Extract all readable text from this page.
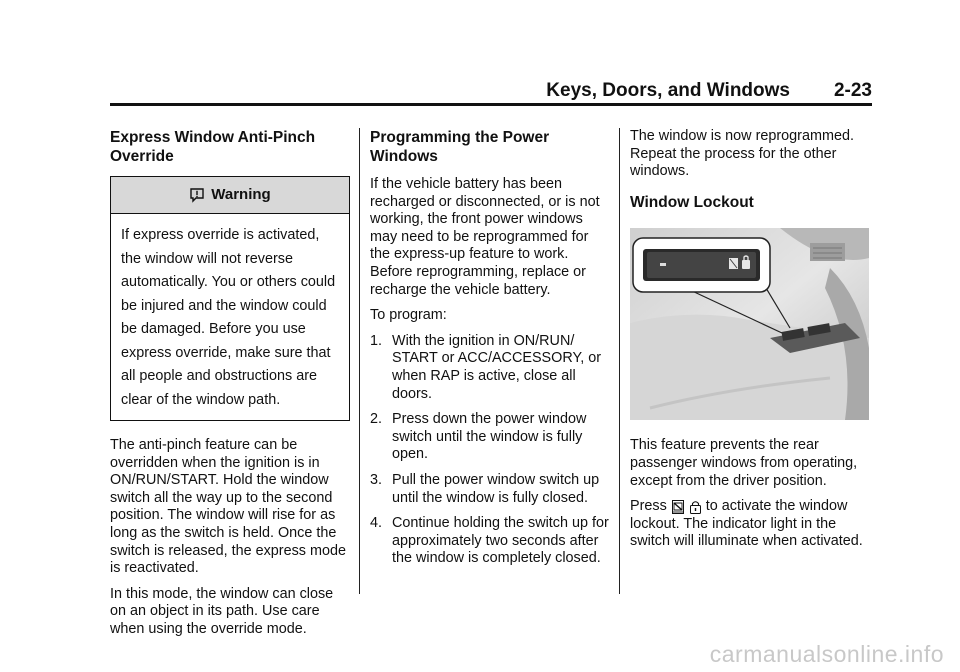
Keys, Doors, and Windows 2-23
Express Window Anti-Pinch Override
Warning
If express override is activated, the window will not reverse automatically. You or others could be injured and the window could be damaged. Before you use express override, make sure that all people and obstructions are clear of the window path.

The anti-pinch feature can be overridden when the ignition is in ON/RUN/START. Hold the window switch all the way up to the second position. The window will rise for as long as the switch is held. Once the switch is released, the express mode is reactivated.

In this mode, the window can close on an object in its path. Use care when using the override mode.

Programming the Power Windows

If the vehicle battery has been recharged or disconnected, or is not working, the front power windows may need to be reprogrammed for the express-up feature to work. Before reprogramming, replace or recharge the vehicle battery.

To program:

1. With the ignition in ON/RUN/ START or ACC/ACCESSORY, or when RAP is active, close all doors.
2. Press down the power window switch until the window is fully open.
3. Pull the power window switch up until the window is fully closed.
4. Continue holding the switch up for approximately two seconds after the window is completely closed.

The window is now reprogrammed. Repeat the process for the other windows.

Window Lockout

This feature prevents the rear passenger windows from operating, except from the driver position.

Press	to activate the window lockout. The indicator light in the switch will illuminate when activated.

carmanualsonline.info
